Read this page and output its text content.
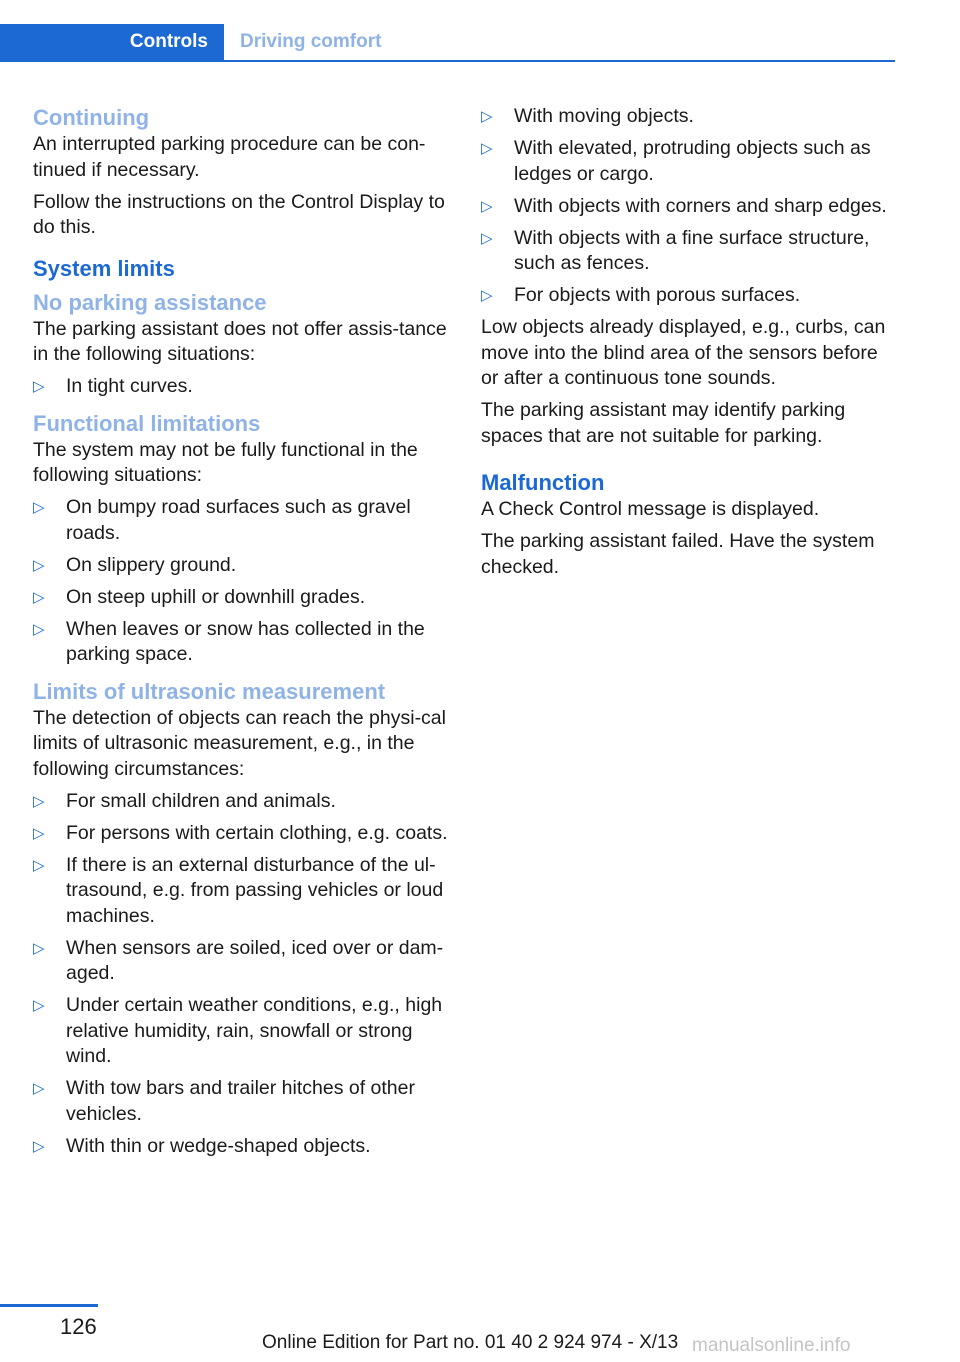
Controls	Driving comfort
Continuing

An interrupted parking procedure can be con‐tinued if necessary.

Follow the instructions on the Control Display to do this.

System limits
No parking assistance

The parking assistant does not offer assis‐tance in the following situations:

▷ In tight curves.
Functional limitations

The system may not be fully functional in the following situations:

▷ On bumpy road surfaces such as gravel roads.
▷ On slippery ground.
▷ On steep uphill or downhill grades.
▷ When leaves or snow has collected in the parking space.
Limits of ultrasonic measurement

The detection of objects can reach the physi‐cal limits of ultrasonic measurement, e.g., in the following circumstances:

▷ For small children and animals.
▷ For persons with certain clothing, e.g. coats.
▷ If there is an external disturbance of the ul‐trasound, e.g. from passing vehicles or loud machines.
▷ When sensors are soiled, iced over or dam‐aged.
▷ Under certain weather conditions, e.g., high relative humidity, rain, snowfall or strong wind.
▷ With tow bars and trailer hitches of other vehicles.
▷ With thin or wedge-shaped objects.
▷ With moving objects.
▷ With elevated, protruding objects such as ledges or cargo.
▷ With objects with corners and sharp edges.
▷ With objects with a fine surface structure, such as fences.
▷ For objects with porous surfaces.

Low objects already displayed, e.g., curbs, can move into the blind area of the sensors before or after a continuous tone sounds.

The parking assistant may identify parking spaces that are not suitable for parking.

Malfunction

A Check Control message is displayed.

The parking assistant failed. Have the system checked.

126
Online Edition for Part no. 01 40 2 924 974 - X/13 manualsonline.info
